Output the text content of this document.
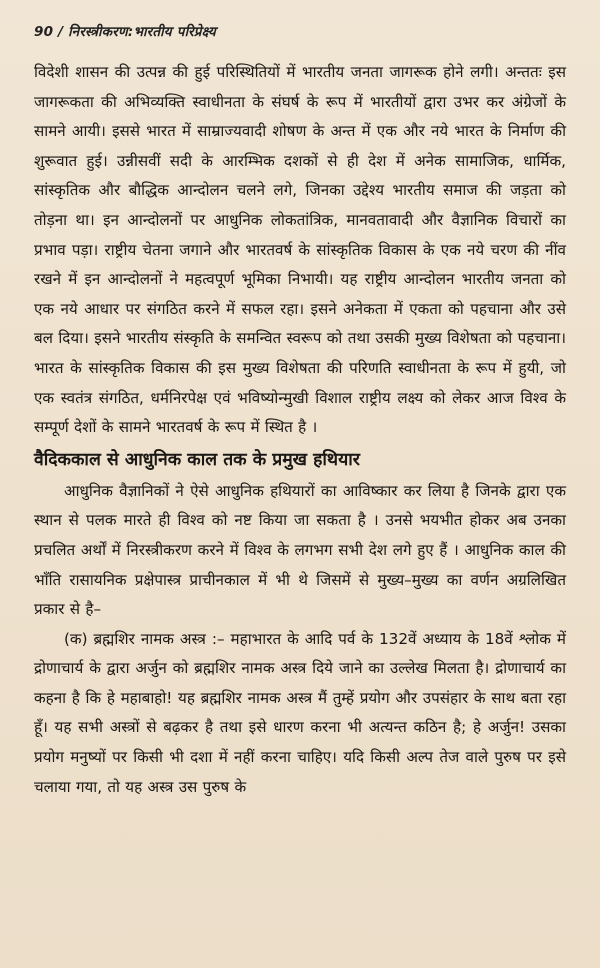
90 / निरस्त्रीकरण:भारतीय परिप्रेक्ष्य

विदेशी शासन की उत्पन्न की हुई परिस्थितियों में भारतीय जनता जागरूक होने लगी। अन्ततः इस जागरूकता की अभिव्यक्ति स्वाधीनता के संघर्ष के रूप में भारतीयों द्वारा उभर कर अंग्रेजों के सामने आयी। इससे भारत में साम्राज्यवादी शोषण के अन्त में एक और नये भारत के निर्माण की शुरूवात हुई। उन्नीसवीं सदी के आरम्भिक दशकों से ही देश में अनेक सामाजिक, धार्मिक, सांस्कृतिक और बौद्धिक आन्दोलन चलने लगे, जिनका उद्देश्य भारतीय समाज की जड़ता को तोड़ना था। इन आन्दोलनों पर आधुनिक लोकतांत्रिक, मानवतावादी और वैज्ञानिक विचारों का प्रभाव पड़ा। राष्ट्रीय चेतना जगाने और भारतवर्ष के सांस्कृतिक विकास के एक नये चरण की नींव रखने में इन आन्दोलनों ने महत्वपूर्ण भूमिका निभायी। यह राष्ट्रीय आन्दोलन भारतीय जनता को एक नये आधार पर संगठित करने में सफल रहा। इसने अनेकता में एकता को पहचाना और उसे बल दिया। इसने भारतीय संस्कृति के समन्वित स्वरूप को तथा उसकी मुख्य विशेषता को पहचाना। भारत के सांस्कृतिक विकास की इस मुख्य विशेषता की परिणति स्वाधीनता के रूप में हुयी, जो एक स्वतंत्र संगठित, धर्मनिरपेक्ष एवं भविष्योन्मुखी विशाल राष्ट्रीय लक्ष्य को लेकर आज विश्व के सम्पूर्ण देशों के सामने भारतवर्ष के रूप में स्थित है ।

वैदिककाल से आधुनिक काल तक के प्रमुख हथियार

आधुनिक वैज्ञानिकों ने ऐसे आधुनिक हथियारों का आविष्कार कर लिया है जिनके द्वारा एक स्थान से पलक मारते ही विश्व को नष्ट किया जा सकता है । उनसे भयभीत होकर अब उनका प्रचलित अर्थों में निरस्त्रीकरण करने में विश्व के लगभग सभी देश लगे हुए हैं । आधुनिक काल की भाँति रासायनिक प्रक्षेपास्त्र प्राचीनकाल में भी थे जिसमें से मुख्य–मुख्य का वर्णन अग्रलिखित प्रकार से है–

(क) ब्रह्मशिर नामक अस्त्र :– महाभारत के आदि पर्व के 132वें अध्याय के 18वें श्लोक में द्रोणाचार्य के द्वारा अर्जुन को ब्रह्मशिर नामक अस्त्र दिये जाने का उल्लेख मिलता है। द्रोणाचार्य का कहना है कि हे महाबाहो! यह ब्रह्मशिर नामक अस्त्र मैं तुम्हें प्रयोग और उपसंहार के साथ बता रहा हूँ। यह सभी अस्त्रों से बढ़कर है तथा इसे धारण करना भी अत्यन्त कठिन है; हे अर्जुन! उसका प्रयोग मनुष्यों पर किसी भी दशा में नहीं करना चाहिए। यदि किसी अल्प तेज वाले पुरुष पर इसे चलाया गया, तो यह अस्त्र उस पुरुष के
